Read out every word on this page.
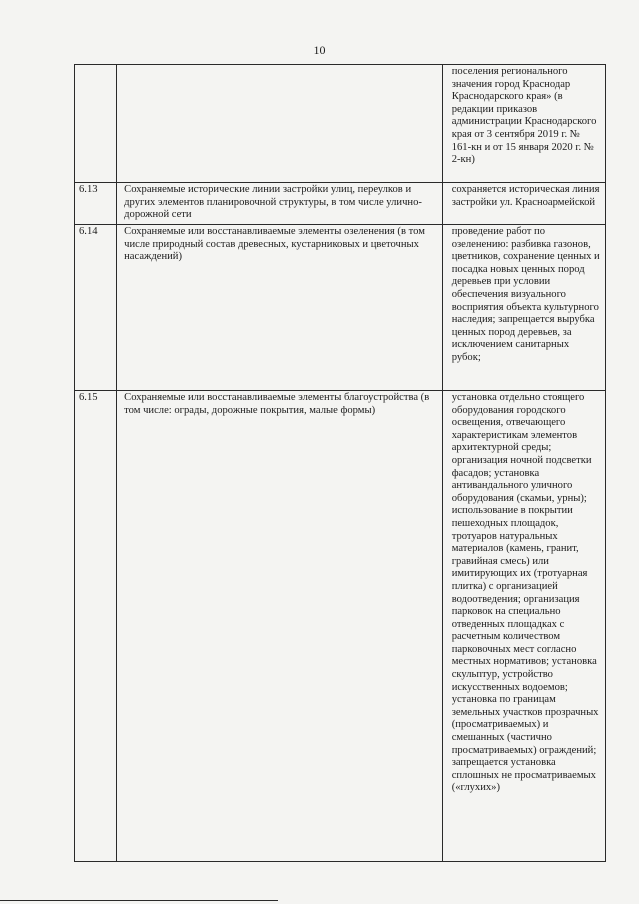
10

		поселения регионального значения город Краснодар Краснодарского края» (в редакции приказов администрации Краснодарского края от 3 сентября 2019 г. № 161-кн и от 15 января 2020 г. № 2-кн)

6.13	Сохраняемые исторические линии застройки улиц, переулков и других элементов планировочной структуры, в том числе улично-дорожной сети	сохраняется историческая линия застройки ул. Красноармейской

6.14	Сохраняемые или восстанавливаемые элементы озеленения (в том числе природный состав древесных, кустарниковых и цветочных насаждений)	проведение работ по озеленению: разбивка газонов, цветников, сохранение ценных и посадка новых ценных пород деревьев при условии обеспечения визуального восприятия объекта культурного наследия; запрещается вырубка ценных пород деревьев, за исключением санитарных рубок;

6.15	Сохраняемые или восстанавливаемые элементы благоустройства (в том числе: ограды, дорожные покрытия, малые формы)	установка отдельно стоящего оборудования городского освещения, отвечающего характеристикам элементов архитектурной среды; организация ночной подсветки фасадов; установка антивандального уличного оборудования (скамьи, урны); использование в покрытии пешеходных площадок, тротуаров натуральных материалов (камень, гранит, гравийная смесь) или имитирующих их (тротуарная плитка) с организацией водоотведения; организация парковок на специально отведенных площадках с расчетным количеством парковочных мест согласно местных нормативов; установка скульптур, устройство искусственных водоемов; установка по границам земельных участков прозрачных (просматриваемых) и смешанных (частично просматриваемых) ограждений; запрещается установка сплошных не просматриваемых («глухих»)
